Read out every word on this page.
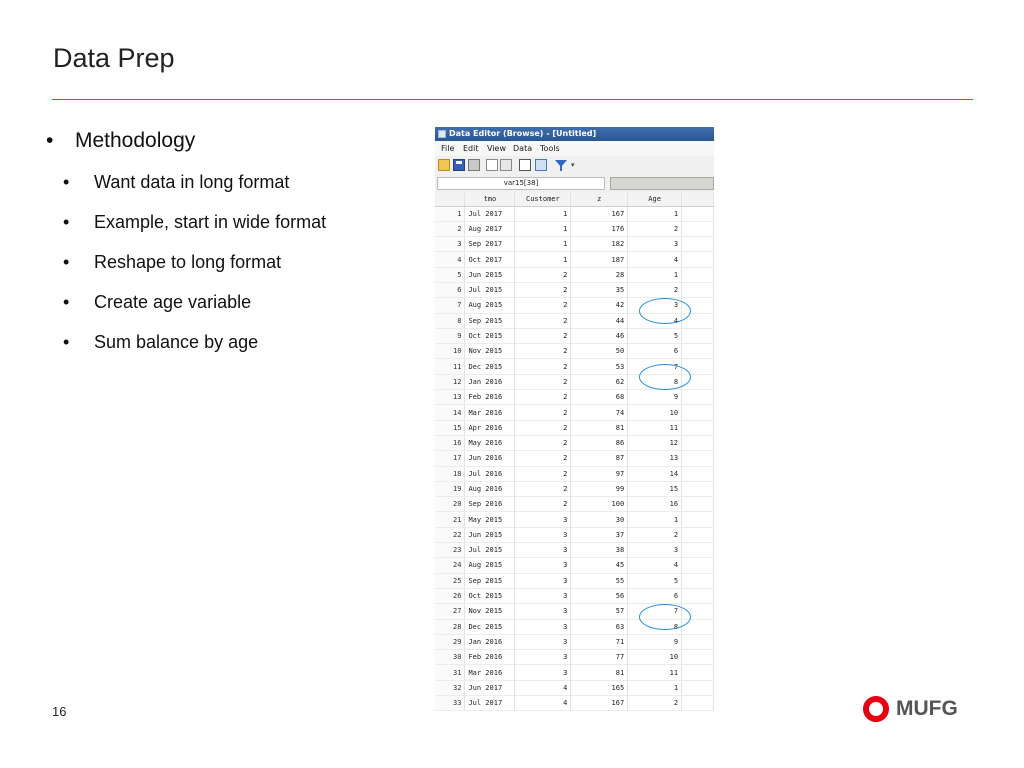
Data Prep
• Methodology
• Want data in long format
• Example, start in wide format
• Reshape to long format
• Create age variable
• Sum balance by age
Data Editor (Browse) - [Untitled]
File Edit View Data Tools
▾
var15[38]
	tmo	Customer	z	Age	
1	Jul 2017	1	167	1	
2	Aug 2017	1	176	2	
3	Sep 2017	1	182	3	
4	Oct 2017	1	187	4	
5	Jun 2015	2	28	1	
6	Jul 2015	2	35	2	
7	Aug 2015	2	42	3	
8	Sep 2015	2	44	4	
9	Oct 2015	2	46	5	
10	Nov 2015	2	50	6	
11	Dec 2015	2	53	7	
12	Jan 2016	2	62	8	
13	Feb 2016	2	68	9	
14	Mar 2016	2	74	10	
15	Apr 2016	2	81	11	
16	May 2016	2	86	12	
17	Jun 2016	2	87	13	
18	Jul 2016	2	97	14	
19	Aug 2016	2	99	15	
20	Sep 2016	2	100	16	
21	May 2015	3	30	1	
22	Jun 2015	3	37	2	
23	Jul 2015	3	38	3	
24	Aug 2015	3	45	4	
25	Sep 2015	3	55	5	
26	Oct 2015	3	56	6	
27	Nov 2015	3	57	7	
28	Dec 2015	3	63	8	
29	Jan 2016	3	71	9	
30	Feb 2016	3	77	10	
31	Mar 2016	3	81	11	
32	Jun 2017	4	165	1	
33	Jul 2017	4	167	2	
16	MUFG
